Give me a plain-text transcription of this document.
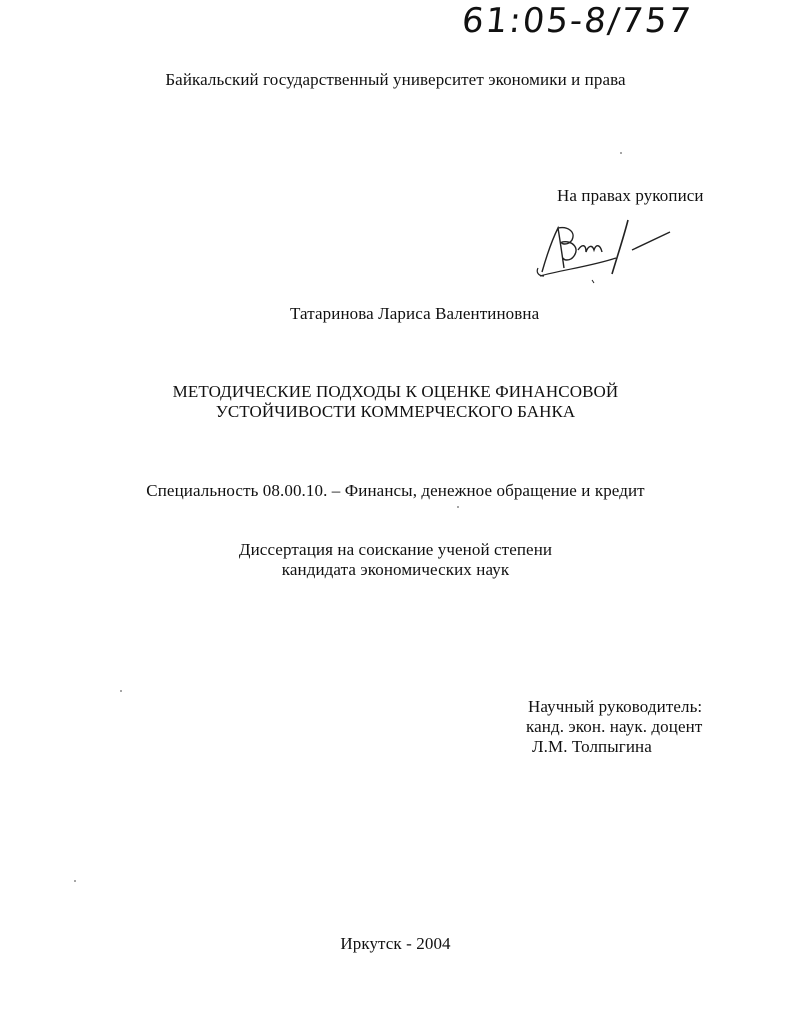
61:05-8/757
Байкальский государственный университет экономики и права
На правах рукописи
Татаринова Лариса Валентиновна
МЕТОДИЧЕСКИЕ ПОДХОДЫ К ОЦЕНКЕ ФИНАНСОВОЙ
УСТОЙЧИВОСТИ КОММЕРЧЕСКОГО БАНКА
Специальность 08.00.10. – Финансы, денежное обращение и кредит
Диссертация на соискание ученой степени
кандидата экономических наук
Научный руководитель:
канд. экон. наук. доцент
Л.М. Толпыгина
Иркутск - 2004
